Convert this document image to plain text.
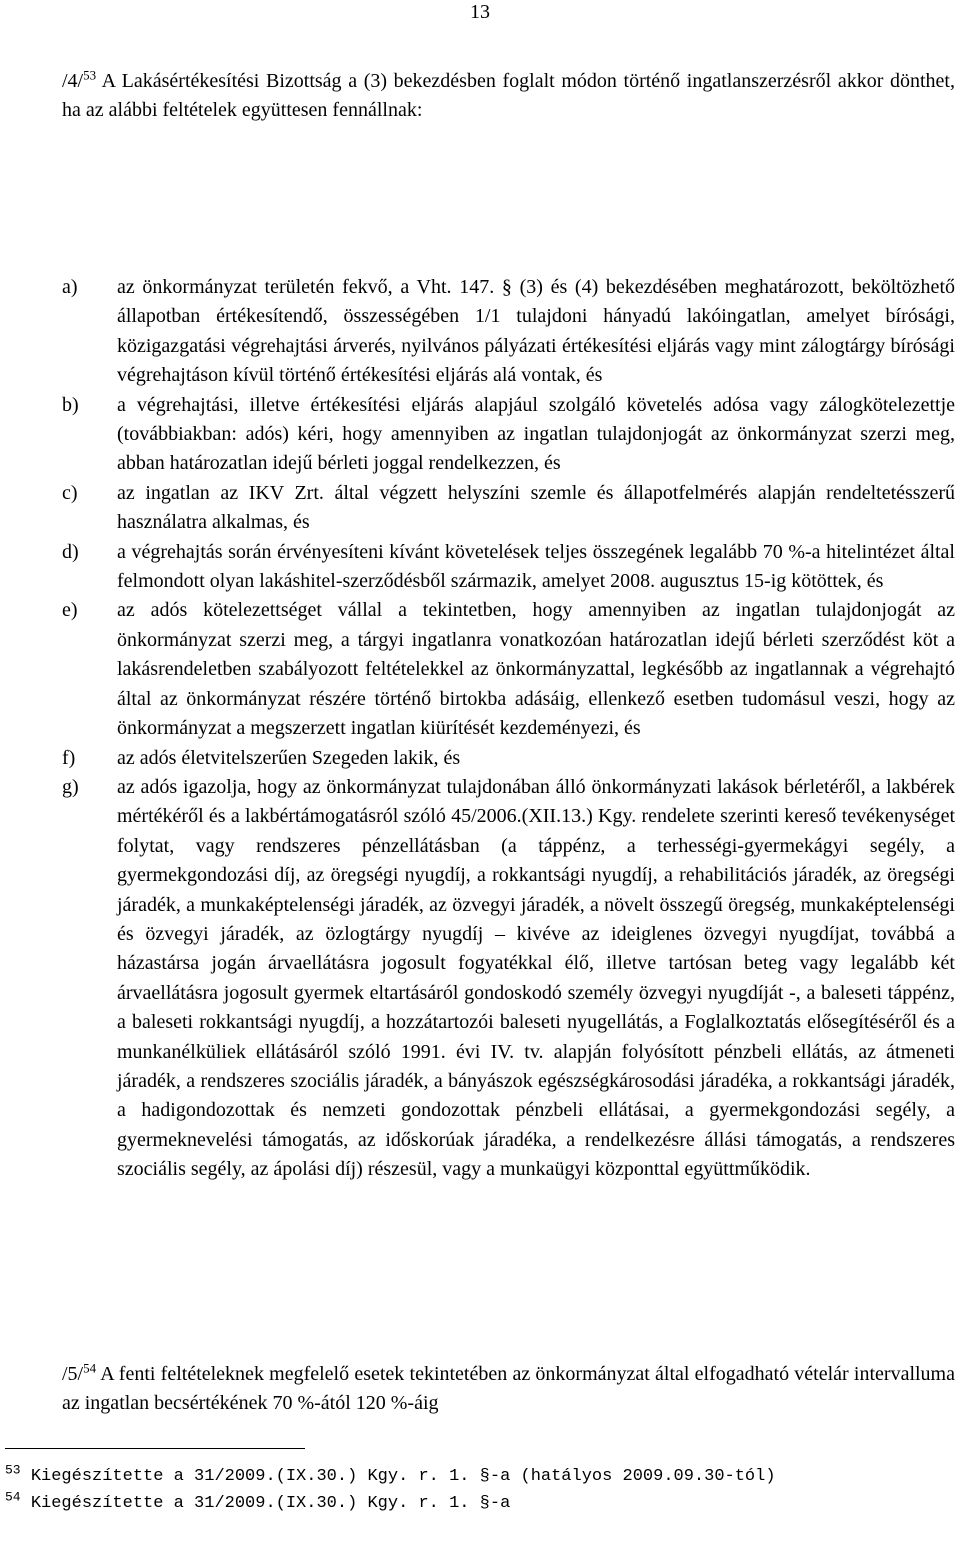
13
/4/$^{53}$ A Lakásértékesítési Bizottság a (3) bekezdésben foglalt módon történő ingatlanszerzésről akkor dönthet, ha az alábbi feltételek együttesen fennállnak:
a) az önkormányzat területén fekvő, a Vht. 147. § (3) és (4) bekezdésében meghatározott, beköltözhető állapotban értékesítendő, összességében 1/1 tulajdoni hányadú lakóingatlan, amelyet bírósági, közigazgatási végrehajtási árverés, nyilvános pályázati értékesítési eljárás vagy mint zálogtárgy bírósági végrehajtáson kívül történő értékesítési eljárás alá vontak, és
b) a végrehajtási, illetve értékesítési eljárás alapjául szolgáló követelés adósa vagy zálogkötelezettje (továbbiakban: adós) kéri, hogy amennyiben az ingatlan tulajdonjogát az önkormányzat szerzi meg, abban határozatlan idejű bérleti joggal rendelkezzen, és
c) az ingatlan az IKV Zrt. által végzett helyszíni szemle és állapotfelmérés alapján rendeltetésszerű használatra alkalmas, és
d) a végrehajtás során érvényesíteni kívánt követelések teljes összegének legalább 70 %-a hitelintézet által felmondott olyan lakáshitel-szerződésből származik, amelyet 2008. augusztus 15-ig kötöttek, és
e) az adós kötelezettséget vállal a tekintetben, hogy amennyiben az ingatlan tulajdonjogát az önkormányzat szerzi meg, a tárgyi ingatlanra vonatkozóan határozatlan idejű bérleti szerződést köt a lakásrendeletben szabályozott feltételekkel az önkormányzattal, legkésőbb az ingatlannak a végrehajtó által az önkormányzat részére történő birtokba adásáig, ellenkező esetben tudomásul veszi, hogy az önkormányzat a megszerzett ingatlan kiürítését kezdeményezi, és
f) az adós életvitelszerűen Szegeden lakik, és
g) az adós igazolja, hogy az önkormányzat tulajdonában álló önkormányzati lakások bérletéről, a lakbérek mértékéről és a lakbértámogatásról szóló 45/2006.(XII.13.) Kgy. rendelete szerinti kereső tevékenységet folytat, vagy rendszeres pénzellátásban (a táppénz, a terhességi-gyermekágyi segély, a gyermekgondozási díj, az öregségi nyugdíj, a rokkantsági nyugdíj, a rehabilitációs járadék, az öregségi járadék, a munkaképtelenségi járadék, az özvegyi járadék, a növelt összegű öregség, munkaképtelenségi és özvegyi járadék, az özlogtárgy nyugdíj – kivéve az ideiglenes özvegyi nyugdíjat, továbbá a házastársa jogán árvaellátásra jogosult fogyatékkal élő, illetve tartósan beteg vagy legalább két árvaellátásra jogosult gyermek eltartásáról gondoskodó személy özvegyi nyugdíját -, a baleseti táppénz, a baleseti rokkantsági nyugdíj, a hozzátartozói baleseti nyugellátás, a Foglalkoztatás elősegítéséről és a munkanélküliek ellátásáról szóló 1991. évi IV. tv. alapján folyósított pénzbeli ellátás, az átmeneti járadék, a rendszeres szociális járadék, a bányászok egészségkárosodási járadéka, a rokkantsági járadék, a hadigondozottak és nemzeti gondozottak pénzbeli ellátásai, a gyermekgondozási segély, a gyermeknevelési támogatás, az időskorúak járadéka, a rendelkezésre állási támogatás, a rendszeres szociális segély, az ápolási díj) részesül, vagy a munkaügyi központtal együttműködik.
/5/$^{54}$ A fenti feltételeknek megfelelő esetek tekintetében az önkormányzat által elfogadható vételár intervalluma az ingatlan becsértékének 70 %-ától 120 %-áig
$^{53}$ Kiegészítette a 31/2009.(IX.30.) Kgy. r. 1. §-a (hatályos 2009.09.30-tól)
$^{54}$ Kiegészítette a 31/2009.(IX.30.) Kgy. r. 1. §-a
